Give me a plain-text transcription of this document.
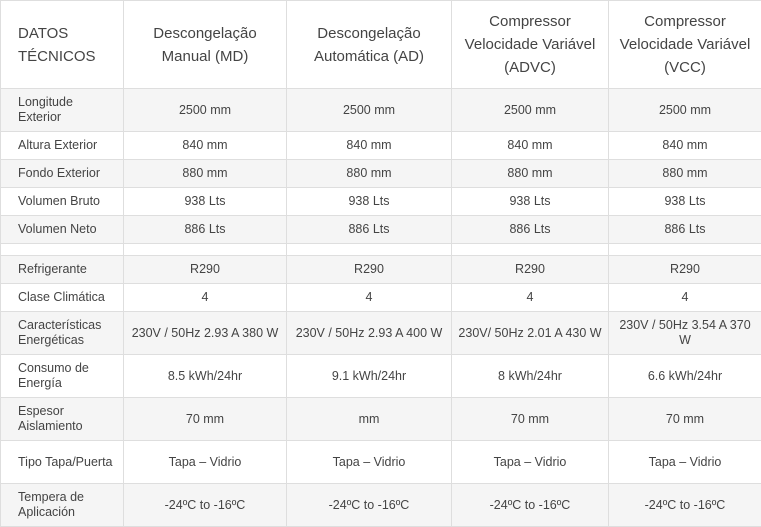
DATOS TÉCNICOS	Descongelação Manual (MD)	Descongelação Automática (AD)	Compressor Velocidade Variável (ADVC)	Compressor Velocidade Variável (VCC)
Longitude Exterior	2500 mm	2500 mm	2500 mm	2500 mm
Altura Exterior	840 mm	840 mm	840 mm	840 mm
Fondo Exterior	880 mm	880 mm	880 mm	880 mm
Volumen Bruto	938 Lts	938 Lts	938 Lts	938 Lts
Volumen Neto	886 Lts	886 Lts	886 Lts	886 Lts

Refrigerante	R290	R290	R290	R290
Clase Climática	4	4	4	4
Características Energéticas	230V / 50Hz 2.93 A 380 W	230V / 50Hz 2.93 A 400 W	230V/ 50Hz 2.01 A 430 W	230V / 50Hz 3.54 A 370 W
Consumo de Energía	8.5 kWh/24hr	9.1 kWh/24hr	8 kWh/24hr	6.6 kWh/24hr
Espesor Aislamiento	70 mm	mm	70 mm	70 mm
Tipo Tapa/Puerta	Tapa – Vidrio	Tapa – Vidrio	Tapa – Vidrio	Tapa – Vidrio
Tempera de Aplicación	-24ºC to -16ºC	-24ºC to -16ºC	-24ºC to -16ºC	-24ºC to -16ºC
